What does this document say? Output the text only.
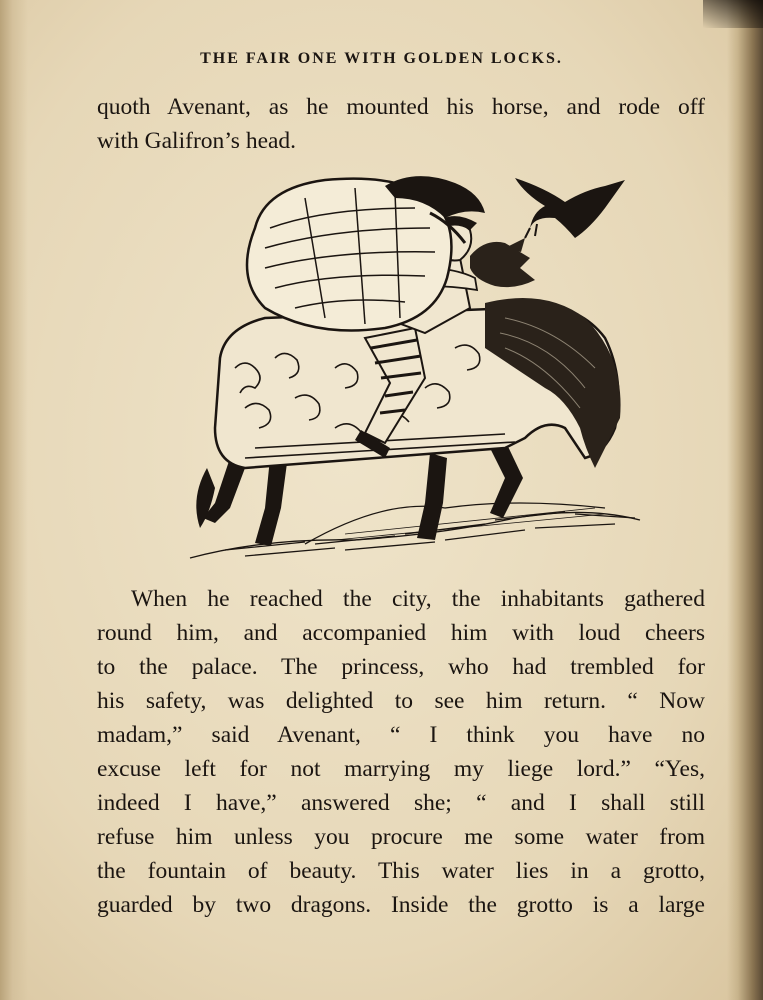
THE FAIR ONE WITH GOLDEN LOCKS.
quoth Avenant, as he mounted his horse, and rode off
with Galifron’s head.
When he reached the city, the inhabitants gathered
round him, and accompanied him with loud cheers
to the palace. The princess, who had trembled for
his safety, was delighted to see him return. “ Now
madam,” said Avenant, “ I think you have no
excuse left for not marrying my liege lord.” “Yes,
indeed I have,” answered she; “ and I shall still
refuse him unless you procure me some water from
the fountain of beauty. This water lies in a grotto,
guarded by two dragons. Inside the grotto is a large
